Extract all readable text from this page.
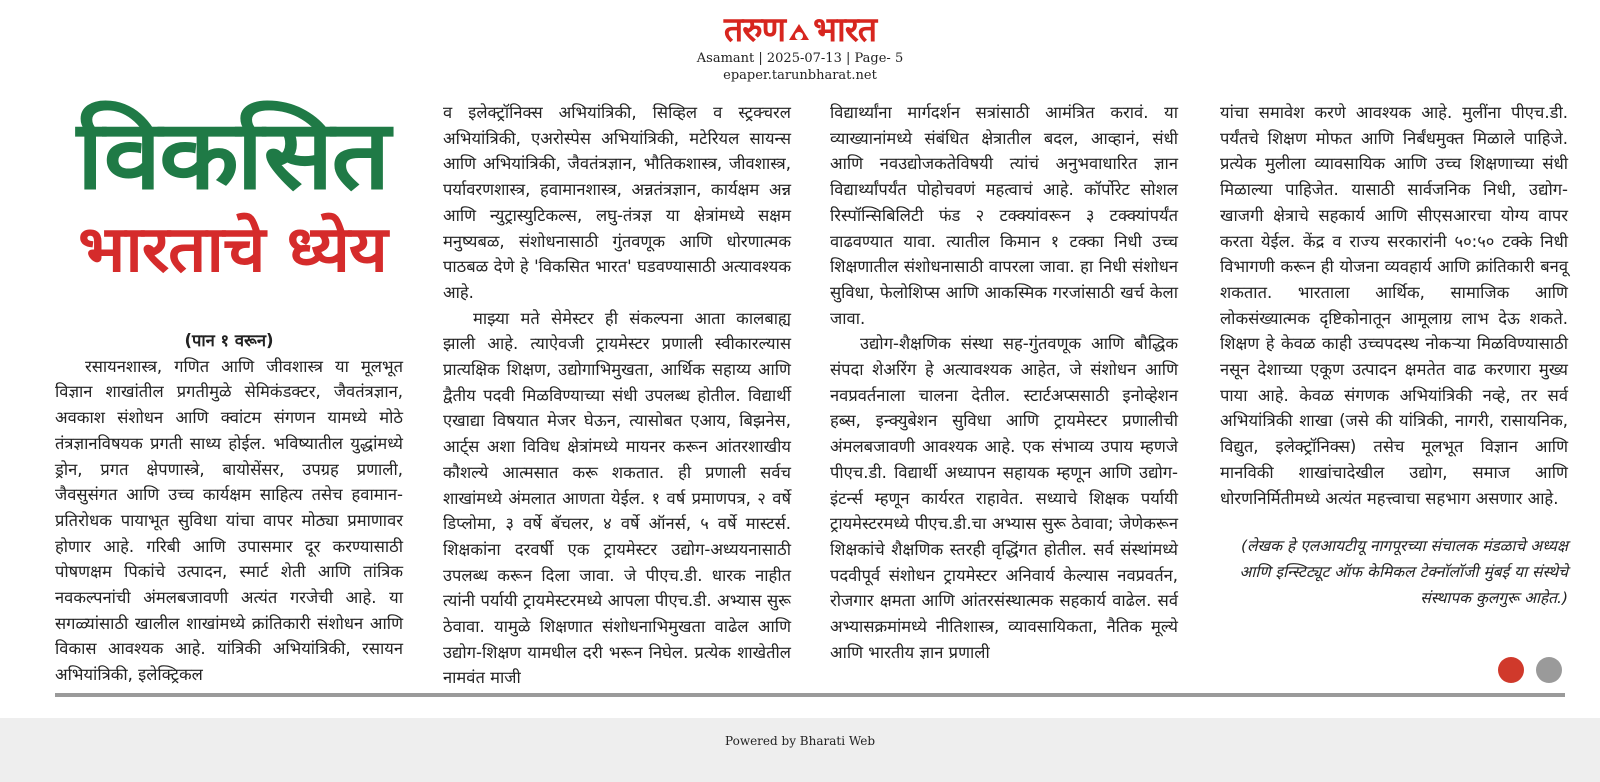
तरुण भारत
Asamant | 2025-07-13 | Page- 5
epaper.tarunbharat.net
विकसित
भारताचे ध्येय

(पान १ वरून)

रसायनशास्त्र, गणित आणि जीवशास्त्र या मूलभूत विज्ञान शाखांतील प्रगतीमुळे सेमिकंडक्टर, जैवतंत्रज्ञान, अवकाश संशोधन आणि क्वांटम संगणन यामध्ये मोठे तंत्रज्ञानविषयक प्रगती साध्य होईल. भविष्यातील युद्धांमध्ये ड्रोन, प्रगत क्षेपणास्त्रे, बायोसेंसर, उपग्रह प्रणाली, जैवसुसंगत आणि उच्च कार्यक्षम साहित्य तसेच हवामान-प्रतिरोधक पायाभूत सुविधा यांचा वापर मोठ्या प्रमाणावर होणार आहे. गरिबी आणि उपासमार दूर करण्यासाठी पोषणक्षम पिकांचे उत्पादन, स्मार्ट शेती आणि तांत्रिक नवकल्पनांची अंमलबजावणी अत्यंत गरजेची आहे. या सगळ्यांसाठी खालील शाखांमध्ये क्रांतिकारी संशोधन आणि विकास आवश्यक आहे. यांत्रिकी अभियांत्रिकी, रसायन अभियांत्रिकी, इलेक्ट्रिकल

व इलेक्ट्रॉनिक्स अभियांत्रिकी, सिव्हिल व स्ट्रक्चरल अभियांत्रिकी, एअरोस्पेस अभियांत्रिकी, मटेरियल सायन्स आणि अभियांत्रिकी, जैवतंत्रज्ञान, भौतिकशास्त्र, जीवशास्त्र, पर्यावरणशास्त्र, हवामानशास्त्र, अन्नतंत्रज्ञान, कार्यक्षम अन्न आणि न्युट्रास्युटिकल्स, लघु-तंत्रज्ञ या क्षेत्रांमध्ये सक्षम मनुष्यबळ, संशोधनासाठी गुंतवणूक आणि धोरणात्मक पाठबळ देणे हे 'विकसित भारत' घडवण्यासाठी अत्यावश्यक आहे.

माझ्या मते सेमेस्टर ही संकल्पना आता कालबाह्य झाली आहे. त्याऐवजी ट्रायमेस्टर प्रणाली स्वीकारल्यास प्रात्यक्षिक शिक्षण, उद्योगाभिमुखता, आर्थिक सहाय्य आणि द्वैतीय पदवी मिळविण्याच्या संधी उपलब्ध होतील. विद्यार्थी एखाद्या विषयात मेजर घेऊन, त्यासोबत एआय, बिझनेस, आर्ट्स अशा विविध क्षेत्रांमध्ये मायनर करून आंतरशाखीय कौशल्ये आत्मसात करू शकतात. ही प्रणाली सर्वच शाखांमध्ये अंमलात आणता येईल. १ वर्ष प्रमाणपत्र, २ वर्षे डिप्लोमा, ३ वर्षे बॅचलर, ४ वर्षे ऑनर्स, ५ वर्षे मास्टर्स. शिक्षकांना दरवर्षी एक ट्रायमेस्टर उद्योग-अध्ययनासाठी उपलब्ध करून दिला जावा. जे पीएच.डी. धारक नाहीत त्यांनी पर्यायी ट्रायमेस्टरमध्ये आपला पीएच.डी. अभ्यास सुरू ठेवावा. यामुळे शिक्षणात संशोधनाभिमुखता वाढेल आणि उद्योग-शिक्षण यामधील दरी भरून निघेल. प्रत्येक शाखेतील नामवंत माजी

विद्यार्थ्यांना मार्गदर्शन सत्रांसाठी आमंत्रित करावं. या व्याख्यानांमध्ये संबंधित क्षेत्रातील बदल, आव्हानं, संधी आणि नवउद्योजकतेविषयी त्यांचं अनुभवाधारित ज्ञान विद्यार्थ्यांपर्यंत पोहोचवणं महत्वाचं आहे. कॉर्पोरेट सोशल रिस्पॉन्सिबिलिटी फंड २ टक्क्यांवरून ३ टक्क्यांपर्यंत वाढवण्यात यावा. त्यातील किमान १ टक्का निधी उच्च शिक्षणातील संशोधनासाठी वापरला जावा. हा निधी संशोधन सुविधा, फेलोशिप्स आणि आकस्मिक गरजांसाठी खर्च केला जावा.

उद्योग-शैक्षणिक संस्था सह-गुंतवणूक आणि बौद्धिक संपदा शेअरिंग हे अत्यावश्यक आहेत, जे संशोधन आणि नवप्रवर्तनाला चालना देतील. स्टार्टअप्ससाठी इनोव्हेशन हब्स, इन्क्युबेशन सुविधा आणि ट्रायमेस्टर प्रणालीची अंमलबजावणी आवश्यक आहे. एक संभाव्य उपाय म्हणजे पीएच.डी. विद्यार्थी अध्यापन सहायक म्हणून आणि उद्योग-इंटर्न्स म्हणून कार्यरत राहावेत. सध्याचे शिक्षक पर्यायी ट्रायमेस्टरमध्ये पीएच.डी.चा अभ्यास सुरू ठेवावा; जेणेकरून शिक्षकांचे शैक्षणिक स्तरही वृद्धिंगत होतील. सर्व संस्थांमध्ये पदवीपूर्व संशोधन ट्रायमेस्टर अनिवार्य केल्यास नवप्रवर्तन, रोजगार क्षमता आणि आंतरसंस्थात्मक सहकार्य वाढेल. सर्व अभ्यासक्रमांमध्ये नीतिशास्त्र, व्यावसायिकता, नैतिक मूल्ये आणि भारतीय ज्ञान प्रणाली

यांचा समावेश करणे आवश्यक आहे. मुलींना पीएच.डी. पर्यंतचे शिक्षण मोफत आणि निर्बंधमुक्त मिळाले पाहिजे. प्रत्येक मुलीला व्यावसायिक आणि उच्च शिक्षणाच्या संधी मिळाल्या पाहिजेत. यासाठी सार्वजनिक निधी, उद्योग-खाजगी क्षेत्राचे सहकार्य आणि सीएसआरचा योग्य वापर करता येईल. केंद्र व राज्य सरकारांनी ५०:५० टक्के निधी विभागणी करून ही योजना व्यवहार्य आणि क्रांतिकारी बनवू शकतात. भारताला आर्थिक, सामाजिक आणि लोकसंख्यात्मक दृष्टिकोनातून आमूलाग्र लाभ देऊ शकते. शिक्षण हे केवळ काही उच्चपदस्थ नोकऱ्या मिळविण्यासाठी नसून देशाच्या एकूण उत्पादन क्षमतेत वाढ करणारा मुख्य पाया आहे. केवळ संगणक अभियांत्रिकी नव्हे, तर सर्व अभियांत्रिकी शाखा (जसे की यांत्रिकी, नागरी, रासायनिक, विद्युत, इलेक्ट्रॉनिक्स) तसेच मूलभूत विज्ञान आणि मानविकी शाखांचादेखील उद्योग, समाज आणि धोरणनिर्मितीमध्ये अत्यंत महत्त्वाचा सहभाग असणार आहे.

(लेखक हे एलआयटीयू नागपूरच्या संचालक मंडळाचे अध्यक्ष आणि इन्स्टिट्यूट ऑफ केमिकल टेक्नॉलॉजी मुंबई या संस्थेचे संस्थापक कुलगुरू आहेत.)

Powered by Bharati Web
